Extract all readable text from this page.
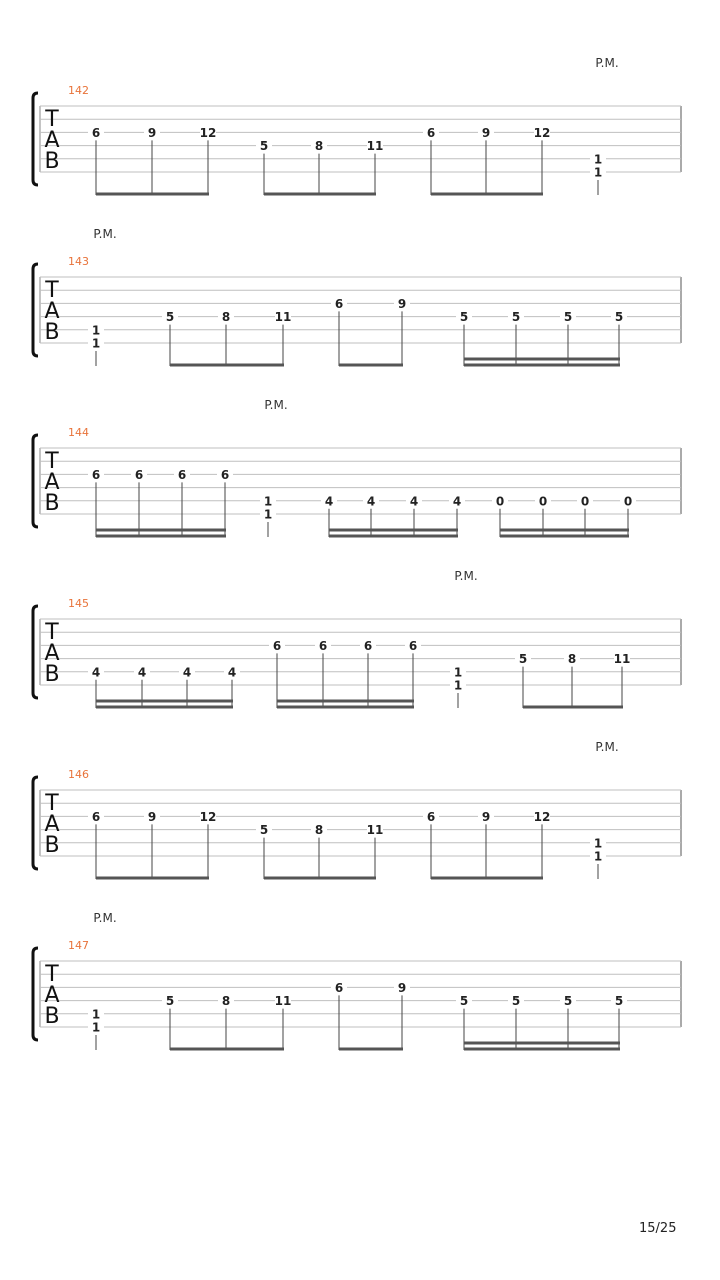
T
A
B
142
P.M.
6	9	12
5	8	11
6	9	12
1
1
T
A
B
143
P.M.
1
1
5	8	11
6	9
5	5	5	5
T
A
B
144
P.M.
6	6	6	6
1
1
4	4	4	4	0	0	0	0
T
A
B
145
P.M.
4	4	4	4
6	6	6	6
1
1
5	8	11
T
A
B
146
P.M.
6	9	12
5	8	11
6	9	12
1
1
T
A
B
147
P.M.
1
1
5	8	11
6	9
5	5	5	5
15/25
